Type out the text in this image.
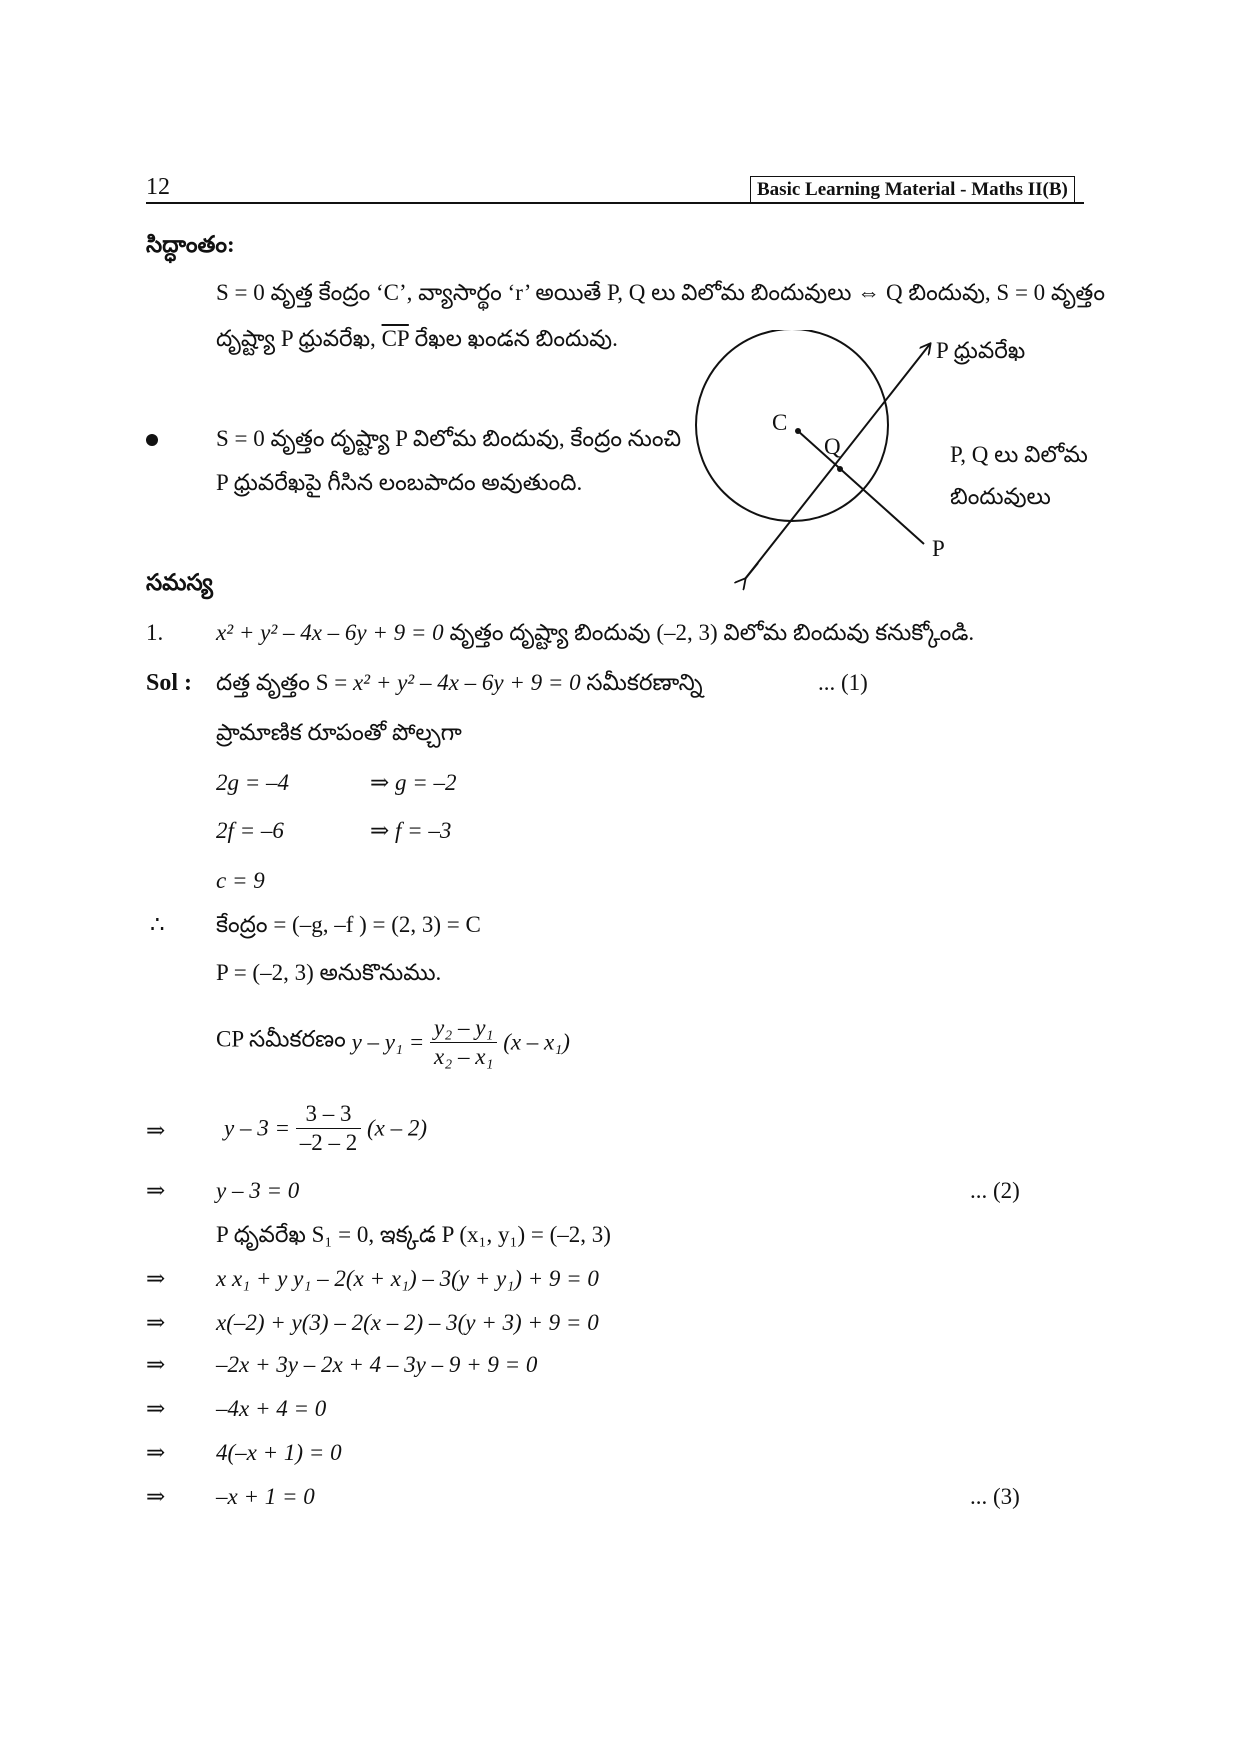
12	Basic Learning Material - Maths II(B)
సిద్ధాంతం:
S = 0 వృత్త కేంద్రం ‘C’, వ్యాసార్థం ‘r’ అయితే P, Q లు విలోమ బిందువులు ⇔ Q బిందువు, S = 0 వృత్తం
దృష్ట్యా P ధ్రువరేఖ, $\overline{CP}$ రేఖల ఖండన బిందువు.
S = 0 వృత్తం దృష్ట్యా P విలోమ బిందువు, కేంద్రం నుంచి
P ధ్రువరేఖపై గీసిన లంబపాదం అవుతుంది.
P ధ్రువరేఖ
C
Q
P
P, Q లు విలోమ
బిందువులు
సమస్య
1. x² + y² – 4x – 6y + 9 = 0 వృత్తం దృష్ట్యా బిందువు (–2, 3) విలోమ బిందువు కనుక్కోండి.
Sol : దత్త వృత్తం S = x² + y² – 4x – 6y + 9 = 0 సమీకరణాన్ని	... (1)
ప్రామాణిక రూపంతో పోల్చగా
2g = –4	⇒ g = –2
2f = –6	⇒ f = –3
c = 9
∴ కేంద్రం = (–g, –f ) = (2, 3) = C
P = (–2, 3) అనుకొనుము.
CP సమీకరణం $y - y_1 = \frac{\text{y₂ – y₁}}{\text{x₂ – x₁}} (x - x_1)$
⇒	$y - 3 = \frac{3 - 3}{-2 - 2} (x - 2)$
⇒ y – 3 = 0	... (2)
P ధృవరేఖ S₁ = 0, ఇక్కడ P (x₁, y₁) = (–2, 3)
⇒ x x₁ + y y₁ – 2(x + x₁) – 3(y + y₁) + 9 = 0
⇒ x(–2) + y(3) – 2(x – 2) – 3(y + 3) + 9 = 0
⇒ –2x + 3y – 2x + 4 – 3y – 9 + 9 = 0
⇒ –4x + 4 = 0
⇒ 4(–x + 1) = 0
⇒ –x + 1 = 0	... (3)
